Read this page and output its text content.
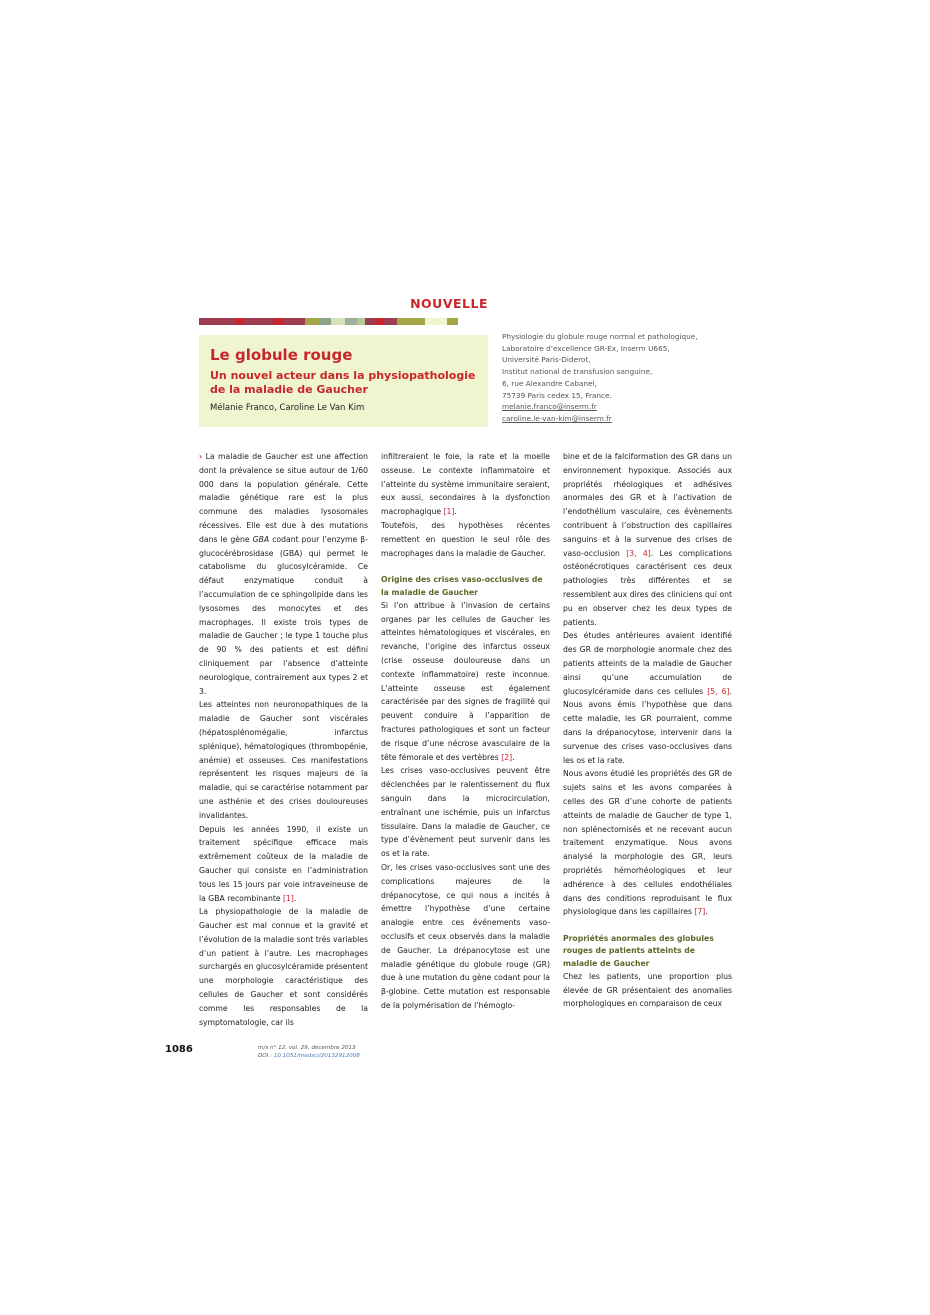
NOUVELLE
Le globule rouge
Un nouvel acteur dans la physiopathologie de la maladie de Gaucher
Mélanie Franco, Caroline Le Van Kim
Physiologie du globule rouge normal et pathologique,
Laboratoire d’excellence GR-Ex, Inserm U665,
Université Paris-Diderot,
Institut national de transfusion sanguine,
6, rue Alexandre Cabanel,
75739 Paris cedex 15, France.
melanie.franco@inserm.fr
caroline.le-van-kim@inserm.fr

› La maladie de Gaucher est une affection dont la prévalence se situe autour de 1/60 000 dans la population générale. Cette maladie génétique rare est la plus commune des maladies lysosomales récessives. Elle est due à des mutations dans le gène GBA codant pour l’enzyme β-glucocérébrosidase (GBA) qui permet le catabolisme du glucosylcéramide. Ce défaut enzymatique conduit à l’accumulation de ce sphingolipide dans les lysosomes des monocytes et des macrophages. Il existe trois types de maladie de Gaucher ; le type 1 touche plus de 90 % des patients et est défini cliniquement par l’absence d’atteinte neurologique, contrairement aux types 2 et 3.

Les atteintes non neuronopathiques de la maladie de Gaucher sont viscérales (hépatosplénomégalie, infarctus splénique), hématologiques (thrombopénie, anémie) et osseuses. Ces manifestations représentent les risques majeurs de la maladie, qui se caractérise notamment par une asthénie et des crises douloureuses invalidantes.

Depuis les années 1990, il existe un traitement spécifique efficace mais extrêmement coûteux de la maladie de Gaucher qui consiste en l’administration tous les 15 jours par voie intraveineuse de la GBA recombinante [1].

La physiopathologie de la maladie de Gaucher est mal connue et la gravité et l’évolution de la maladie sont très variables d’un patient à l’autre. Les macrophages surchargés en glucosylcéramide présentent une morphologie caractéristique des cellules de Gaucher et sont considérés comme les responsables de la symptomatologie, car ils

infiltreraient le foie, la rate et la moelle osseuse. Le contexte inflammatoire et l’atteinte du système immunitaire seraient, eux aussi, secondaires à la dysfonction macrophagique [1].

Toutefois, des hypothèses récentes remettent en question le seul rôle des macrophages dans la maladie de Gaucher.

Origine des crises vaso-occlusives de la maladie de Gaucher

Si l’on attribue à l’invasion de certains organes par les cellules de Gaucher les atteintes hématologiques et viscérales, en revanche, l’origine des infarctus osseux (crise osseuse douloureuse dans un contexte inflammatoire) reste inconnue. L’atteinte osseuse est également caractérisée par des signes de fragilité qui peuvent conduire à l’apparition de fractures pathologiques et sont un facteur de risque d’une nécrose avasculaire de la tête fémorale et des vertèbres [2].

Les crises vaso-occlusives peuvent être déclenchées par le ralentissement du flux sanguin dans la microcirculation, entraînant une ischémie, puis un infarctus tissulaire. Dans la maladie de Gaucher, ce type d’évènement peut survenir dans les os et la rate.

Or, les crises vaso-occlusives sont une des complications majeures de la drépanocytose, ce qui nous a incités à émettre l’hypothèse d’une certaine analogie entre ces événements vaso-occlusifs et ceux observés dans la maladie de Gaucher. La drépanocytose est une maladie génétique du globule rouge (GR) due à une mutation du gène codant pour la β-globine. Cette mutation est responsable de la polymérisation de l’hémoglo-

bine et de la falciformation des GR dans un environnement hypoxique. Associés aux propriétés rhéologiques et adhésives anormales des GR et à l’activation de l’endothélium vasculaire, ces évènements contribuent à l’obstruction des capillaires sanguins et à la survenue des crises de vaso-occlusion [3, 4]. Les complications ostéonécrotiques caractérisent ces deux pathologies très différentes et se ressemblent aux dires des cliniciens qui ont pu en observer chez les deux types de patients.

Des études antérieures avaient identifié des GR de morphologie anormale chez des patients atteints de la maladie de Gaucher ainsi qu’une accumulation de glucosylcéramide dans ces cellules [5, 6]. Nous avons émis l’hypothèse que dans cette maladie, les GR pourraient, comme dans la drépanocytose, intervenir dans la survenue des crises vaso-occlusives dans les os et la rate.

Nous avons étudié les propriétés des GR de sujets sains et les avons comparées à celles des GR d’une cohorte de patients atteints de maladie de Gaucher de type 1, non splénectomisés et ne recevant aucun traitement enzymatique. Nous avons analysé la morphologie des GR, leurs propriétés hémorhéologiques et leur adhérence à des cellules endothéliales dans des conditions reproduisant le flux physiologique dans les capillaires [7].

Propriétés anormales des globules rouges de patients atteints de maladie de Gaucher

Chez les patients, une proportion plus élevée de GR présentaient des anomalies morphologiques en comparaison de ceux

1086	m/s n° 12, vol. 29, décembre 2013
DOI : 10.1051/medsci/20132912008
